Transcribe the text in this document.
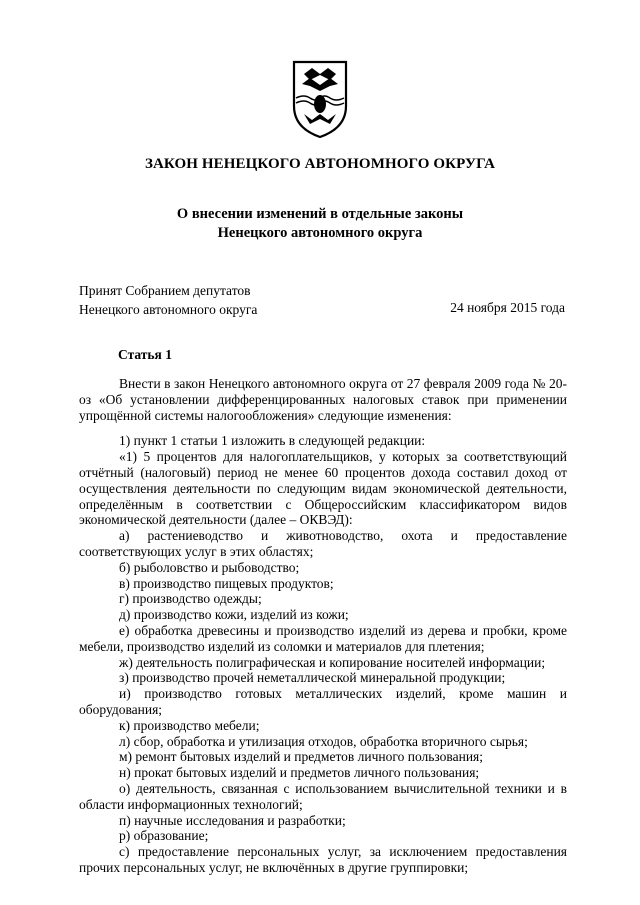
ЗАКОН НЕНЕЦКОГО АВТОНОМНОГО ОКРУГА
О внесении изменений в отдельные законы
Ненецкого автономного округа
Принят Собранием депутатов
Ненецкого автономного округа	24 ноября 2015 года
Статья 1

Внести в закон Ненецкого автономного округа от 27 февраля 2009 года № 20-оз «Об установлении дифференцированных налоговых ставок при применении упрощённой системы налогообложения» следующие изменения:

1) пункт 1 статьи 1 изложить в следующей редакции:

«1) 5 процентов для налогоплательщиков, у которых за соответствующий отчётный (налоговый) период не менее 60 процентов дохода составил доход от осуществления деятельности по следующим видам экономической деятельности, определённым в соответствии с Общероссийским классификатором видов экономической деятельности (далее – ОКВЭД):

а) растениеводство и животноводство, охота и предоставление соответствующих услуг в этих областях;

б) рыболовство и рыбоводство;

в) производство пищевых продуктов;

г) производство одежды;

д) производство кожи, изделий из кожи;

е) обработка древесины и производство изделий из дерева и пробки, кроме мебели, производство изделий из соломки и материалов для плетения;

ж) деятельность полиграфическая и копирование носителей информации;

з) производство прочей неметаллической минеральной продукции;

и) производство готовых металлических изделий, кроме машин и оборудования;

к) производство мебели;

л) сбор, обработка и утилизация отходов, обработка вторичного сырья;

м) ремонт бытовых изделий и предметов личного пользования;

н) прокат бытовых изделий и предметов личного пользования;

о) деятельность, связанная с использованием вычислительной техники и в области информационных технологий;

п) научные исследования и разработки;

р) образование;

с) предоставление персональных услуг, за исключением предоставления прочих персональных услуг, не включённых в другие группировки;
